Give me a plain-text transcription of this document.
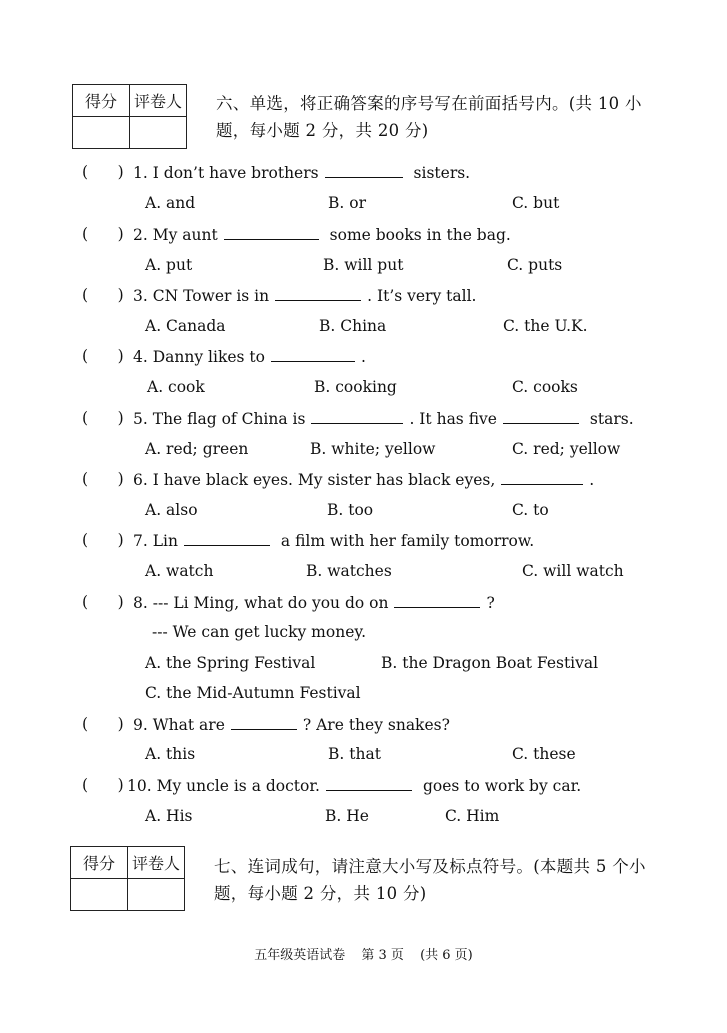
得分	评卷人
	六、单选，将正确答案的序号写在前面括号内。(共 10 小题，每小题 2 分，共 20 分)
( ) 1. I don’t have brothers	sisters.
A. and	B. or	C. but
( ) 2. My aunt	some books in the bag.
A. put	B. will put	C. puts
( ) 3. CN Tower is in	. It’s very tall.
A. Canada	B. China	C. the U.K.
( ) 4. Danny likes to	.
A. cook	B. cooking	C. cooks
( ) 5. The flag of China is	. It has five	stars.
A. red; green	B. white; yellow	C. red; yellow
( ) 6. I have black eyes. My sister has black eyes,	.
A. also	B. too	C. to
( ) 7. Lin	a film with her family tomorrow.
A. watch	B. watches	C. will watch
( ) 8. --- Li Ming, what do you do on	?
--- We can get lucky money.
A. the Spring Festival	B. the Dragon Boat Festival
C. the Mid-Autumn Festival
( ) 9. What are	? Are they snakes?
A. this	B. that	C. these
( ) 10. My uncle is a doctor.	goes to work by car.
A. His	B. He	C. Him
得分	评卷人
	七、连词成句，请注意大小写及标点符号。(本题共 5 个小题，每小题 2 分，共 10 分)
五年级英语试卷 第 3 页 (共 6 页)
